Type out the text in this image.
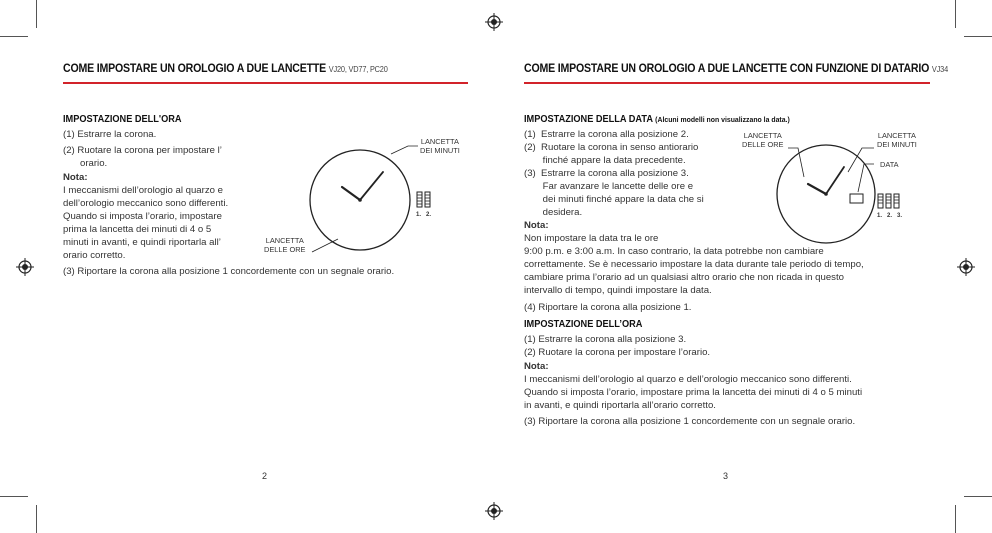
COME IMPOSTARE UN OROLOGIO A DUE LANCETTE VJ20, VD77, PC20
IMPOSTAZIONE DELL'ORA
(1) Estrarre la corona.
(2) Ruotare la corona per impostare l’
orario.
Nota:
I meccanismi dell’orologio al quarzo e
dell’orologio meccanico sono differenti.
Quando si imposta l’orario, impostare
prima la lancetta dei minuti di 4 o 5
minuti in avanti, e quindi riportarla all’
orario corretto.
(3) Riportare la corona alla posizione 1 concordemente con un segnale orario.
LANCETTA
DEI MINUTI
LANCETTA
DELLE ORE
1.   2.
2
COME IMPOSTARE UN OROLOGIO A DUE LANCETTE CON FUNZIONE DI DATARIO VJ34
IMPOSTAZIONE DELLA DATA (Alcuni modelli non visualizzano la data.)
(1)  Estrarre la corona alla posizione 2.
(2)  Ruotare la corona in senso antiorario
finché appare la data precedente.
(3)  Estrarre la corona alla posizione 3.
Far avanzare le lancette delle ore e
dei minuti finché appare la data che si
desidera.
Nota:
Non impostare la data tra le ore
9:00 p.m. e 3:00 a.m. In caso contrario, la data potrebbe non cambiare
correttamente. Se è necessario impostare la data durante tale periodo di tempo,
cambiare prima l’orario ad un qualsiasi altro orario che non ricada in questo
intervallo di tempo, quindi impostare la data.
(4) Riportare la corona alla posizione 1.
IMPOSTAZIONE DELL’ORA
(1) Estrarre la corona alla posizione 3.
(2) Ruotare la corona per impostare l’orario.
Nota:
I meccanismi dell’orologio al quarzo e dell’orologio meccanico sono differenti.
Quando si imposta l’orario, impostare prima la lancetta dei minuti di 4 o 5 minuti
in avanti, e quindi riportarla all’orario corretto.
(3) Riportare la corona alla posizione 1 concordemente con un segnale orario.
LANCETTA
DELLE ORE
LANCETTA
DEI MINUTI
DATA
1.   2.   3.
3
